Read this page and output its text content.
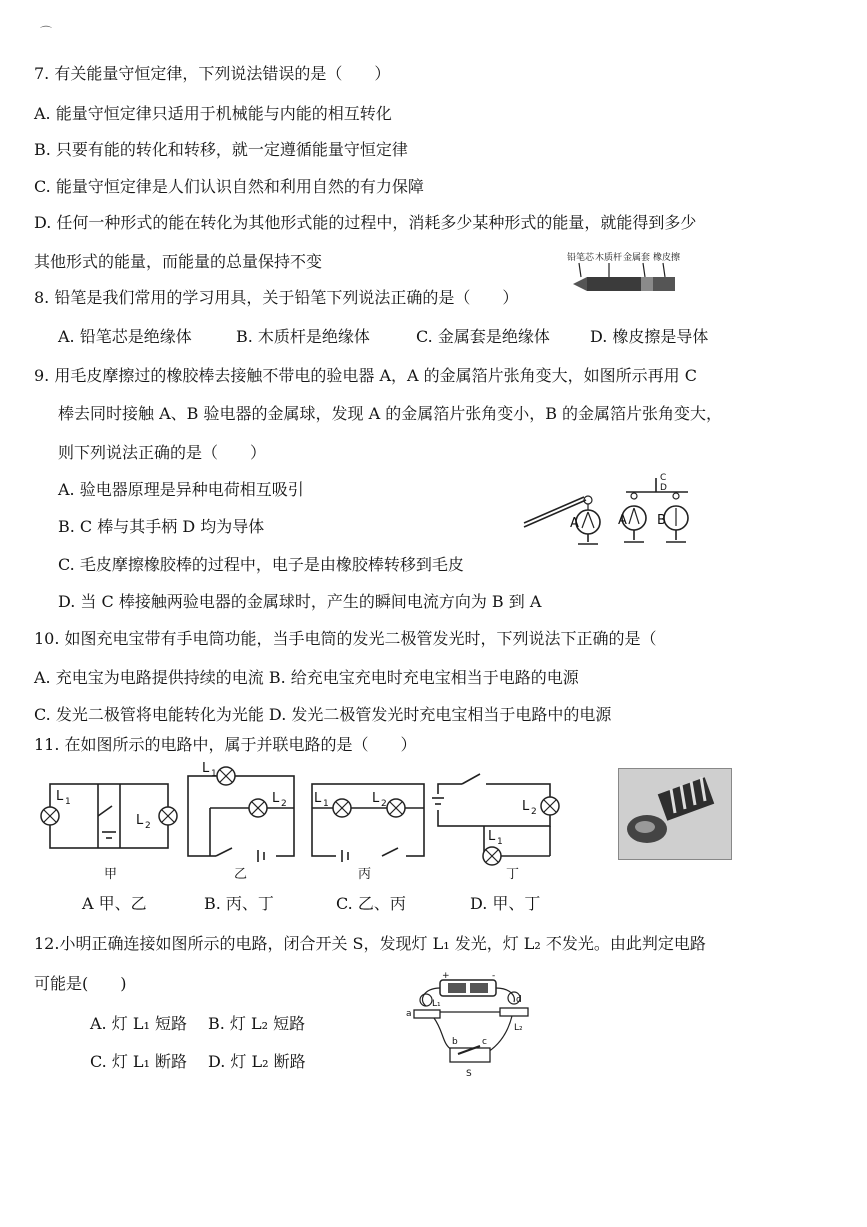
⌒
7. 有关能量守恒定律，下列说法错误的是（　　）
A. 能量守恒定律只适用于机械能与内能的相互转化
B. 只要有能的转化和转移，就一定遵循能量守恒定律
C. 能量守恒定律是人们认识自然和利用自然的有力保障
D. 任何一种形式的能在转化为其他形式能的过程中，消耗多少某种形式的能量，就能得到多少
其他形式的能量，而能量的总量保持不变	铅笔芯 木质杆 金属套 橡皮擦
8. 铅笔是我们常用的学习用具，关于铅笔下列说法正确的是（　　）
A. 铅笔芯是绝缘体	B. 木质杆是绝缘体	C. 金属套是绝缘体	D. 橡皮擦是导体
9. 用毛皮摩擦过的橡胶棒去接触不带电的验电器 A，A 的金属箔片张角变大，如图所示再用 C
棒去同时接触 A、B 验电器的金属球，发现 A 的金属箔片张角变小，B 的金属箔片张角变大，
则下列说法正确的是（　　）
A. 验电器原理是异种电荷相互吸引
B. C 棒与其手柄 D 均为导体
C. 毛皮摩擦橡胶棒的过程中，电子是由橡胶棒转移到毛皮
D. 当 C 棒接触两验电器的金属球时，产生的瞬间电流方向为 B 到 A
A
C
D
A B
10. 如图充电宝带有手电筒功能，当手电筒的发光二极管发光时，下列说法下正确的是（
A. 充电宝为电路提供持续的电流 B. 给充电宝充电时充电宝相当于电路的电源
C. 发光二极管将电能转化为光能 D. 发光二极管发光时充电宝相当于电路中的电源
11. 在如图所示的电路中，属于并联电路的是（　　）
L 1
L 2
L 1
L 2 L 1	L 2	L 2
L 1
甲	乙	丙	丁
A 甲、乙	B. 丙、丁	C. 乙、丙	D. 甲、丁
12.小明正确连接如图所示的电路，闭合开关 S，发现灯 L₁ 发光，灯 L₂ 不发光。由此判定电路
可能是(　　)
A. 灯 L₁ 短路 B. 灯 L₂ 短路
C. 灯 L₁ 断路 D. 灯 L₂ 断路
+	-
a
d
L₁
L₂
b	c
S
